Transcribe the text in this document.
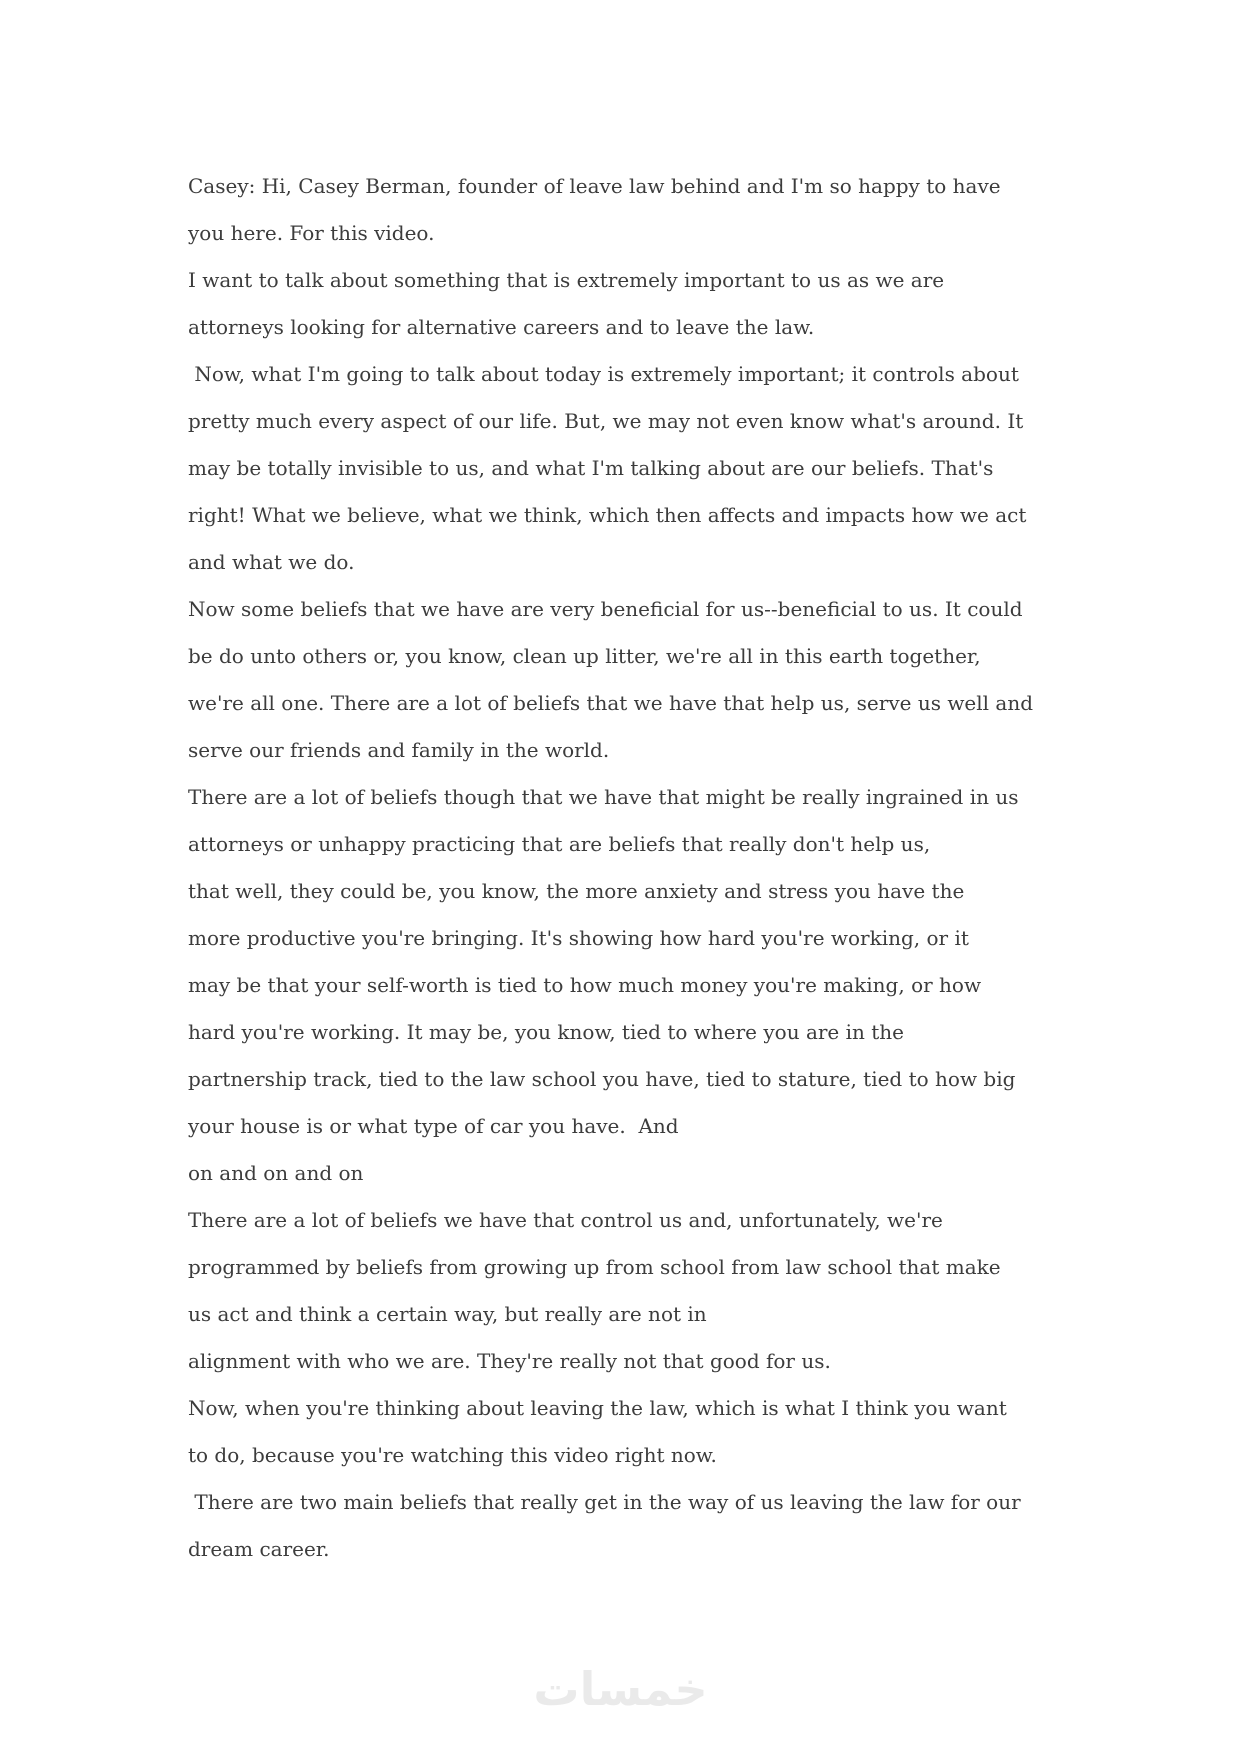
Casey: Hi, Casey Berman, founder of leave law behind and I'm so happy to have
you here. For this video.
I want to talk about something that is extremely important to us as we are
attorneys looking for alternative careers and to leave the law.
Now, what I'm going to talk about today is extremely important; it controls about
pretty much every aspect of our life. But, we may not even know what's around. It
may be totally invisible to us, and what I'm talking about are our beliefs. That's
right! What we believe, what we think, which then affects and impacts how we act
and what we do.
Now some beliefs that we have are very beneficial for us--beneficial to us. It could
be do unto others or, you know, clean up litter, we're all in this earth together,
we're all one. There are a lot of beliefs that we have that help us, serve us well and
serve our friends and family in the world.
There are a lot of beliefs though that we have that might be really ingrained in us
attorneys or unhappy practicing that are beliefs that really don't help us,
that well, they could be, you know, the more anxiety and stress you have the
more productive you're bringing. It's showing how hard you're working, or it
may be that your self-worth is tied to how much money you're making, or how
hard you're working. It may be, you know, tied to where you are in the
partnership track, tied to the law school you have, tied to stature, tied to how big
your house is or what type of car you have.  And
on and on and on
There are a lot of beliefs we have that control us and, unfortunately, we're
programmed by beliefs from growing up from school from law school that make
us act and think a certain way, but really are not in
alignment with who we are. They're really not that good for us.
Now, when you're thinking about leaving the law, which is what I think you want
to do, because you're watching this video right now.
There are two main beliefs that really get in the way of us leaving the law for our
dream career.
خمسات
